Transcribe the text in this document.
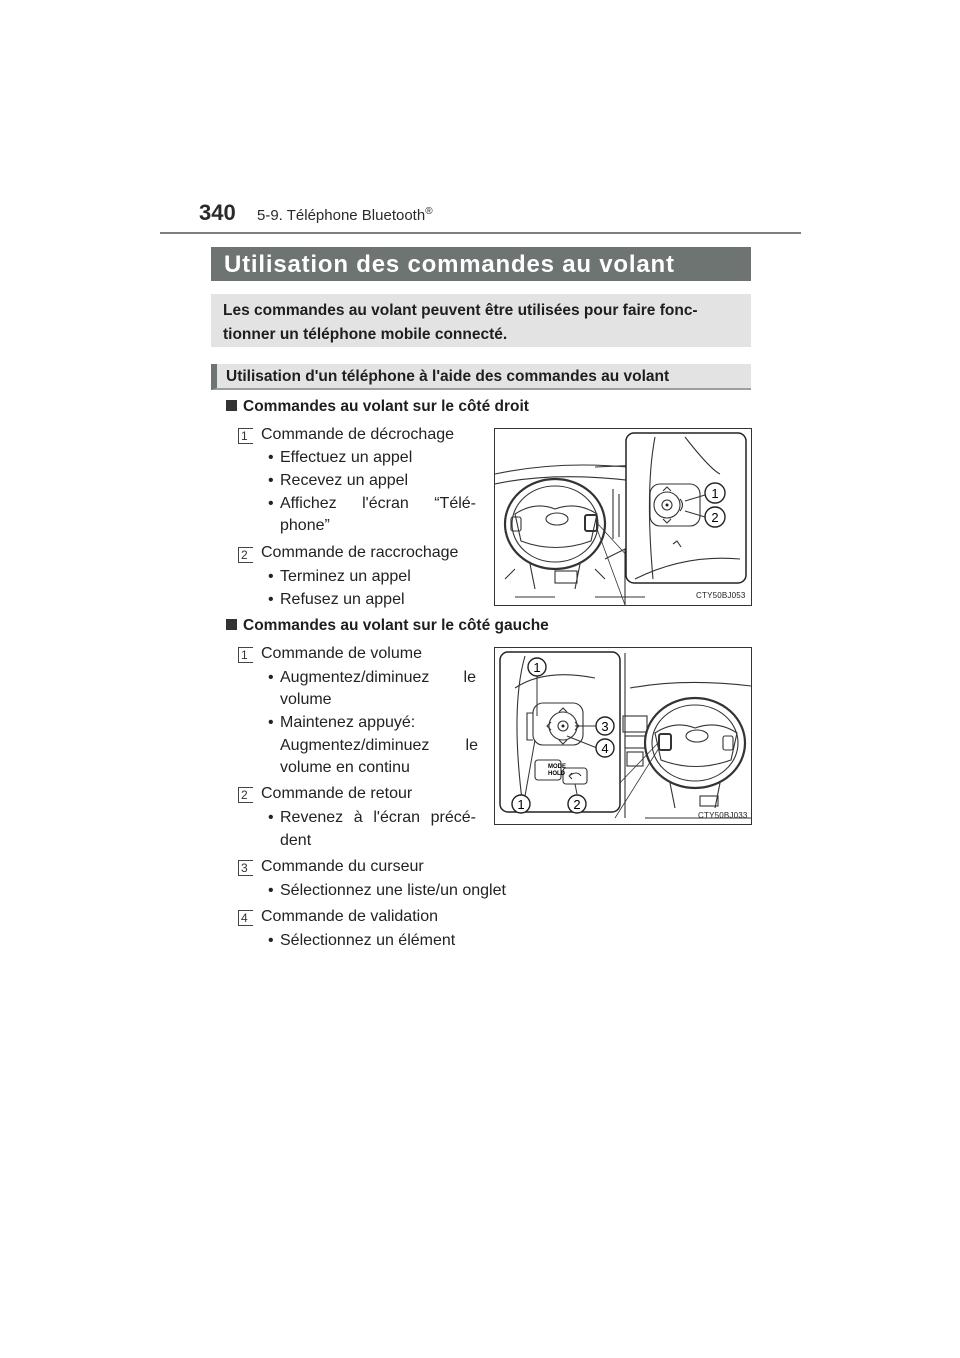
340 5-9. Téléphone Bluetooth®
Utilisation des commandes au volant
Les commandes au volant peuvent être utilisées pour faire fonc-
tionner un téléphone mobile connecté.
Utilisation d'un téléphone à l'aide des commandes au volant
Commandes au volant sur le côté droit
1 Commande de décrochage
• Effectuez un appel
• Recevez un appel
• Affichez l'écran “Télé-
phone”
2 Commande de raccrochage
• Terminez un appel
• Refusez un appel
1
2
CTY50BJ053
Commandes au volant sur le côté gauche
1 Commande de volume
• Augmentez/diminuez le
volume
• Maintenez appuyé:
Augmentez/diminuez le
volume en continu
2 Commande de retour
• Revenez à l'écran précé-
dent
3 Commande du curseur
• Sélectionnez une liste/un onglet
4 Commande de validation
• Sélectionnez un élément
MODE
HOLD
1
3
4
1	2
CTY50BJ033
